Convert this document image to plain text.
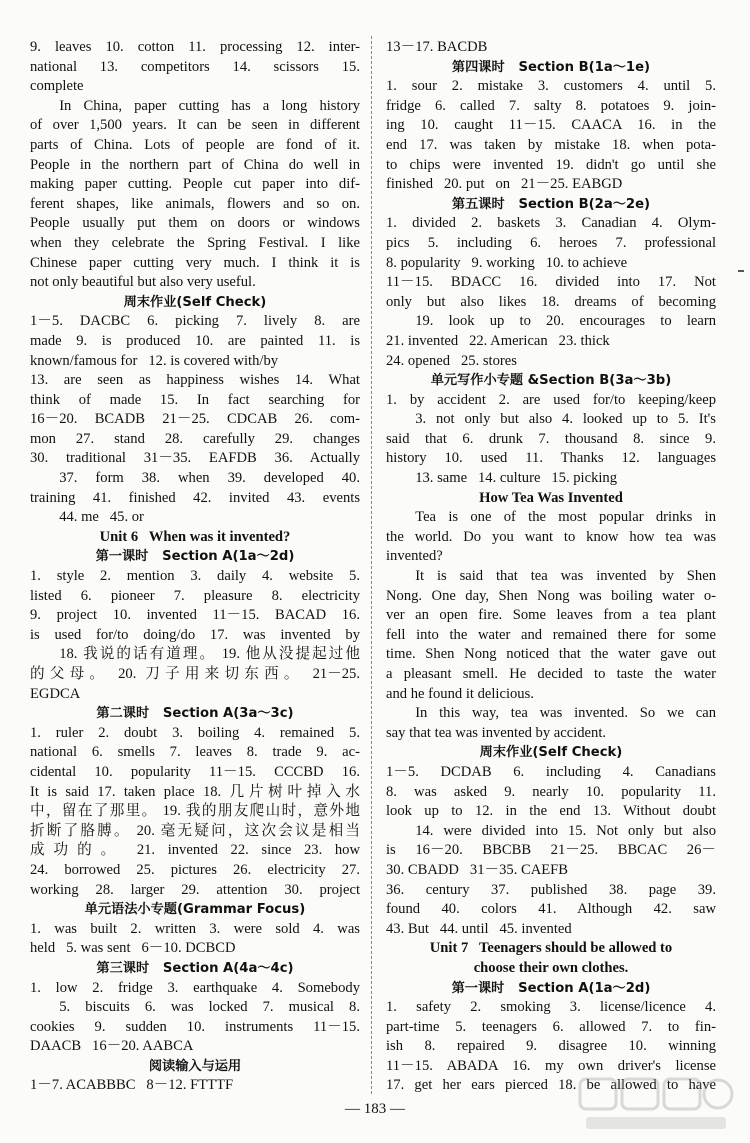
9. leaves 10. cotton 11. processing 12. inter-
national 13. competitors 14. scissors 15.
complete
In China, paper cutting has a long history
of over 1,500 years. It can be seen in different
parts of China. Lots of people are fond of it.
People in the northern part of China do well in
making paper cutting. People cut paper into dif-
ferent shapes, like animals, flowers and so on.
People usually put them on doors or windows
when they celebrate the Spring Festival. I like
Chinese paper cutting very much. I think it is
not only beautiful but also very useful.
周末作业(Self Check)
1－5. DACBC 6. picking 7. lively 8. are
made 9. is produced 10. are painted 11. is
known/famous for   12. is covered with/by
13. are seen as happiness wishes 14. What
think of made 15. In fact searching for
16－20. BCADB 21－25. CDCAB 26. com-
mon 27. stand 28. carefully 29. changes
30. traditional 31－35. EAFDB 36. Actually
37. form 38. when 39. developed 40.
training 41. finished 42. invited 43. events
44. me   45. or
Unit 6   When was it invented?
第一课时   Section A(1a～2d)
1. style 2. mention 3. daily 4. website 5.
listed 6. pioneer 7. pleasure 8. electricity
9. project 10. invented 11－15. BACAD 16.
is used for/to doing/do 17. was invented by
18. 我说的话有道理。 19. 他从没提起过他
的父母。 20. 刀子用来切东西。 21－25.
EGDCA
第二课时   Section A(3a～3c)
1. ruler 2. doubt 3. boiling 4. remained 5.
national 6. smells 7. leaves 8. trade 9. ac-
cidental 10. popularity 11－15. CCCBD 16.
It is said 17. taken place 18. 几片树叶掉入水
中，留在了那里。 19. 我的朋友爬山时，意外地
折断了胳膊。 20. 毫无疑问，这次会议是相当
成功的。 21. invented 22. since 23. how
24. borrowed 25. pictures 26. electricity 27.
working 28. larger 29. attention 30. project
单元语法小专题(Grammar Focus)
1. was built 2. written 3. were sold 4. was
held   5. was sent   6－10. DCBCD
第三课时   Section A(4a～4c)
1. low 2. fridge 3. earthquake 4. Somebody
5. biscuits 6. was locked 7. musical 8.
cookies 9. sudden 10. instruments 11－15.
DAACB   16－20. AABCA
阅读输入与运用
1－7. ACABBBC   8－12. FTTTF
13－17. BACDB
第四课时   Section B(1a～1e)
1. sour 2. mistake 3. customers 4. until 5.
fridge 6. called 7. salty 8. potatoes 9. join-
ing 10. caught 11－15. CAACA 16. in the
end 17. was taken by mistake 18. when pota-
to chips were invented 19. didn't go until she
finished   20. put   on   21－25. EABGD
第五课时   Section B(2a～2e)
1. divided 2. baskets 3. Canadian 4. Olym-
pics 5. including 6. heroes 7. professional
8. popularity   9. working   10. to achieve
11－15. BDACC 16. divided into 17. Not
only but also likes 18. dreams of becoming
19. look up to 20. encourages to learn
21. invented   22. American   23. thick
24. opened   25. stores
单元写作小专题 &Section B(3a～3b)
1. by accident 2. are used for/to keeping/keep
3. not only but also 4. looked up to 5. It's
said that 6. drunk 7. thousand 8. since 9.
history 10. used 11. Thanks 12. languages
13. same   14. culture   15. picking
How Tea Was Invented
Tea is one of the most popular drinks in
the world. Do you want to know how tea was
invented?
It is said that tea was invented by Shen
Nong. One day, Shen Nong was boiling water o-
ver an open fire. Some leaves from a tea plant
fell into the water and remained there for some
time. Shen Nong noticed that the water gave out
a pleasant smell. He decided to taste the water
and he found it delicious.
In this way, tea was invented. So we can
say that tea was invented by accident.
周末作业(Self Check)
1－5. DCDAB 6. including 4. Canadians
8. was asked 9. nearly 10. popularity 11.
look up to 12. in the end 13. Without doubt
14. were divided into 15. Not only but also
is 16－20. BBCBB 21－25. BBCAC 26－
30. CBADD   31－35. CAEFB
36. century 37. published 38. page 39.
found 40. colors 41. Although 42. saw
43. But   44. until   45. invented
Unit 7   Teenagers should be allowed to
choose their own clothes.
第一课时   Section A(1a～2d)
1. safety 2. smoking 3. license/licence 4.
part-time 5. teenagers 6. allowed 7. to fin-
ish 8. repaired 9. disagree 10. winning
11－15. ABADA 16. my own driver's license
17. get her ears pierced 18. be allowed to have
— 183 —
